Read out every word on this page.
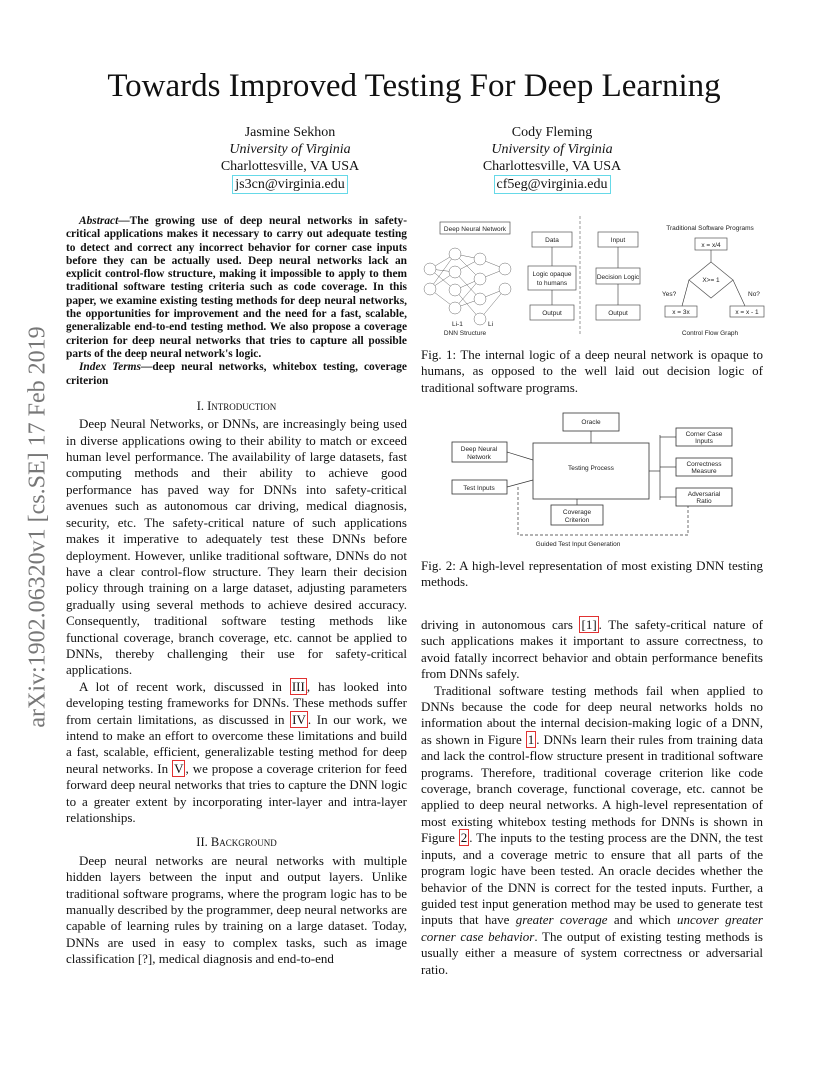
Towards Improved Testing For Deep Learning
Jasmine Sekhon
University of Virginia
Charlottesville, VA USA
js3cn@virginia.edu
Cody Fleming
University of Virginia
Charlottesville, VA USA
cf5eg@virginia.edu
arXiv:1902.06320v1 [cs.SE] 17 Feb 2019

Abstract—The growing use of deep neural networks in safety-critical applications makes it necessary to carry out adequate testing to detect and correct any incorrect behavior for corner case inputs before they can be actually used. Deep neural networks lack an explicit control-flow structure, making it impossible to apply to them traditional software testing criteria such as code coverage. In this paper, we examine existing testing methods for deep neural networks, the opportunities for improvement and the need for a fast, scalable, generalizable end-to-end testing method. We also propose a coverage criterion for deep neural networks that tries to capture all possible parts of the deep neural network's logic.

Index Terms—deep neural networks, whitebox testing, coverage criterion

I. Introduction

Deep Neural Networks, or DNNs, are increasingly being used in diverse applications owing to their ability to match or exceed human level performance. The availability of large datasets, fast computing methods and their ability to achieve good performance has paved way for DNNs into safety-critical avenues such as autonomous car driving, medical diagnosis, security, etc. The safety-critical nature of such applications makes it imperative to adequately test these DNNs before deployment. However, unlike traditional software, DNNs do not have a clear control-flow structure. They learn their decision policy through training on a large dataset, adjusting parameters gradually using several methods to achieve desired accuracy. Consequently, traditional software testing methods like functional coverage, branch coverage, etc. cannot be applied to DNNs, thereby challenging their use for safety-critical applications.

A lot of recent work, discussed in III , has looked into developing testing frameworks for DNNs. These methods suffer from certain limitations, as discussed in IV . In our work, we intend to make an effort to overcome these limitations and build a fast, scalable, efficient, generalizable testing method for deep neural networks. In V , we propose a coverage criterion for feed forward deep neural networks that tries to capture the DNN logic to a greater extent by incorporating inter-layer and intra-layer relationships.

II. Background

Deep neural networks are neural networks with multiple hidden layers between the input and output layers. Unlike traditional software programs, where the program logic has to be manually described by the programmer, deep neural networks are capable of learning rules by training on a large dataset. Today, DNNs are used in easy to complex tasks, such as image classification [?], medical diagnosis and end-to-end

Deep Neural Network
Li-1	Li
DNN Structure
Data
Logic opaque
to humans
Output
Input
Decision Logic
Output
Traditional Software Programs
x = x/4
X>= 1
Yes?	No?
x = 3x	x = x - 1
Control Flow Graph
Fig. 1: The internal logic of a deep neural network is opaque to humans, as opposed to the well laid out decision logic of traditional software programs.
Oracle
Testing Process
Deep Neural
Network
Test Inputs
Coverage
Criterion
Corner Case
Inputs
Correctness
Measure
Adversarial
Ratio
Guided Test Input Generation
Fig. 2: A high-level representation of most existing DNN testing methods.

driving in autonomous cars [1] . The safety-critical nature of such applications makes it important to assure correctness, to avoid fatally incorrect behavior and obtain performance benefits from DNNs safely.

Traditional software testing methods fail when applied to DNNs because the code for deep neural networks holds no information about the internal decision-making logic of a DNN, as shown in Figure 1 . DNNs learn their rules from training data and lack the control-flow structure present in traditional software programs. Therefore, traditional coverage criterion like code coverage, branch coverage, functional coverage, etc. cannot be applied to deep neural networks. A high-level representation of most existing whitebox testing methods for DNNs is shown in Figure 2 . The inputs to the testing process are the DNN, the test inputs, and a coverage metric to ensure that all parts of the program logic have been tested. An oracle decides whether the behavior of the DNN is correct for the tested inputs. Further, a guided test input generation method may be used to generate test inputs that have greater coverage and which uncover greater corner case behavior. The output of existing testing methods is usually either a measure of system correctness or adversarial ratio.
